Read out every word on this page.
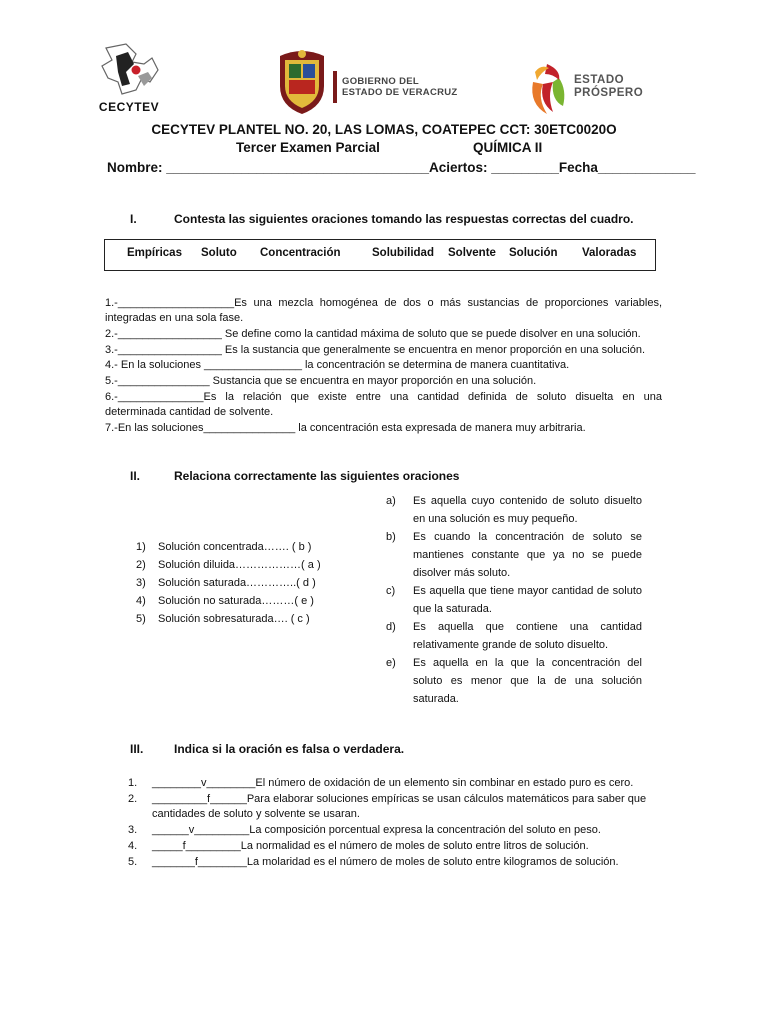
CECYTEV
GOBIERNO DEL
ESTADO DE VERACRUZ
ESTADO
PRÓSPERO
CECYTEV PLANTEL NO. 20, LAS LOMAS, COATEPEC CCT: 30ETC0020O
Tercer Examen Parcial	QUÍMICA II
Nombre: ___________________________________Aciertos: _________Fecha_____________
I.	Contesta las siguientes oraciones tomando las respuestas correctas del cuadro.
Empíricas Soluto Concentración	Solubilidad Solvente Solución Valoradas
1.-___________________Es una mezcla homogénea de dos o más sustancias de proporciones variables,
integradas en una sola fase.
2.-_________________ Se define como la cantidad máxima de soluto que se puede disolver en una solución.
3.-_________________ Es la sustancia que generalmente se encuentra en menor proporción en una solución.
4.- En la soluciones ________________ la concentración se determina de manera cuantitativa.
5.-_______________ Sustancia que se encuentra en mayor proporción en una solución.
6.-______________Es la relación que existe entre una cantidad definida de soluto disuelta en una
determinada cantidad de solvente.
7.-En las soluciones_______________ la concentración esta expresada de manera muy arbitraria.
II.	Relaciona correctamente las siguientes oraciones
1) Solución concentrada……. ( b )
2) Solución diluida………………( a )
3) Solución saturada…………..( d )
4) Solución no saturada………( e )
5) Solución sobresaturada…. ( c )
a) Es aquella cuyo contenido de soluto disuelto en una solución es muy pequeño.
b) Es cuando la concentración de soluto se mantienes constante que ya no se puede disolver más soluto.
c) Es aquella que tiene mayor cantidad de soluto que la saturada.
d) Es aquella que contiene una cantidad relativamente grande de soluto disuelto.
e) Es aquella en la que la concentración del soluto es menor que la de una solución saturada.
III.	Indica si la oración es falsa o verdadera.
1. ________v________El número de oxidación de un elemento sin combinar en estado puro es cero.
2. _________f______Para elaborar soluciones empíricas se usan cálculos matemáticos para saber que
cantidades de soluto y solvente se usaran.
3. ______v_________La composición porcentual expresa la concentración del soluto en peso.
4. _____f_________La normalidad es el número de moles de soluto entre litros de solución.
5. _______f________La molaridad es el número de moles de soluto entre kilogramos de solución.
